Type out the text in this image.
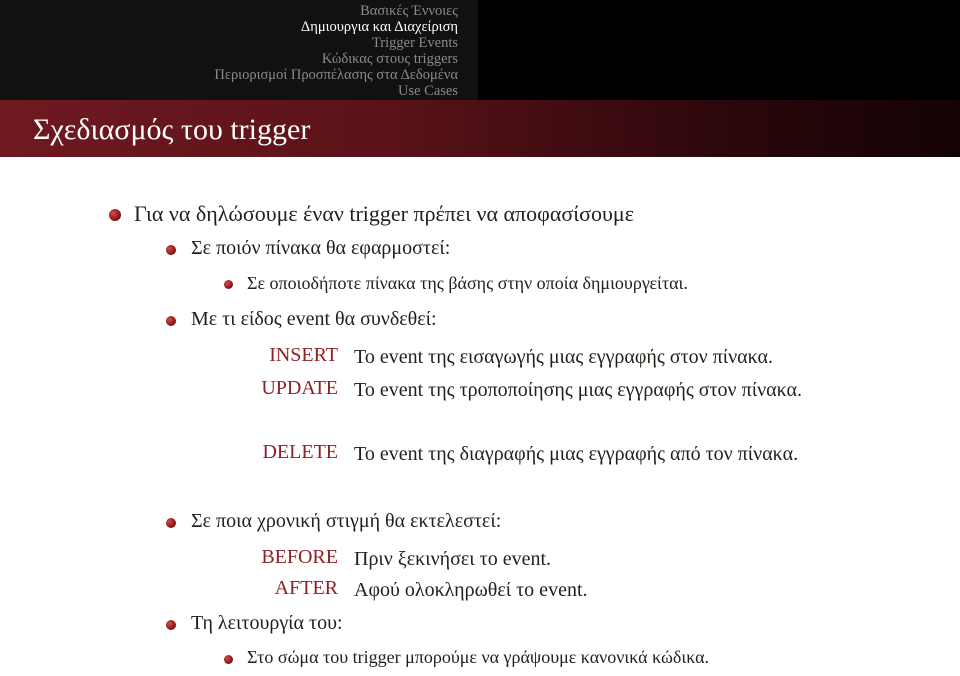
Βασικές Έννοιες
Δημιουργια και Διαχείριση
Trigger Events
Κώδικας στους triggers
Περιορισμοί Προσπέλασης στα Δεδομένα
Use Cases
Σχεδιασμός του trigger
Για να δηλώσουμε έναν trigger πρέπει να αποφασίσουμε
Σε ποιόν πίνακα θα εφαρμοστεί:
Σε οποιοδήποτε πίνακα της βάσης στην οποία δημιουργείται.
Με τι είδος event θα συνδεθεί:
INSERT Το event της εισαγωγής μιας εγγραφής στον πίνακα.
UPDATE Το event της τροποποίησης μιας εγγραφής στον πίνακα.
DELETE Το event της διαγραφής μιας εγγραφής από τον πίνακα.
Σε ποια χρονική στιγμή θα εκτελεστεί:
BEFORE Πριν ξεκινήσει το event.
AFTER Αφού ολοκληρωθεί το event.
Τη λειτουργία του:
Στο σώμα του trigger μπορούμε να γράψουμε κανονικά κώδικα.
